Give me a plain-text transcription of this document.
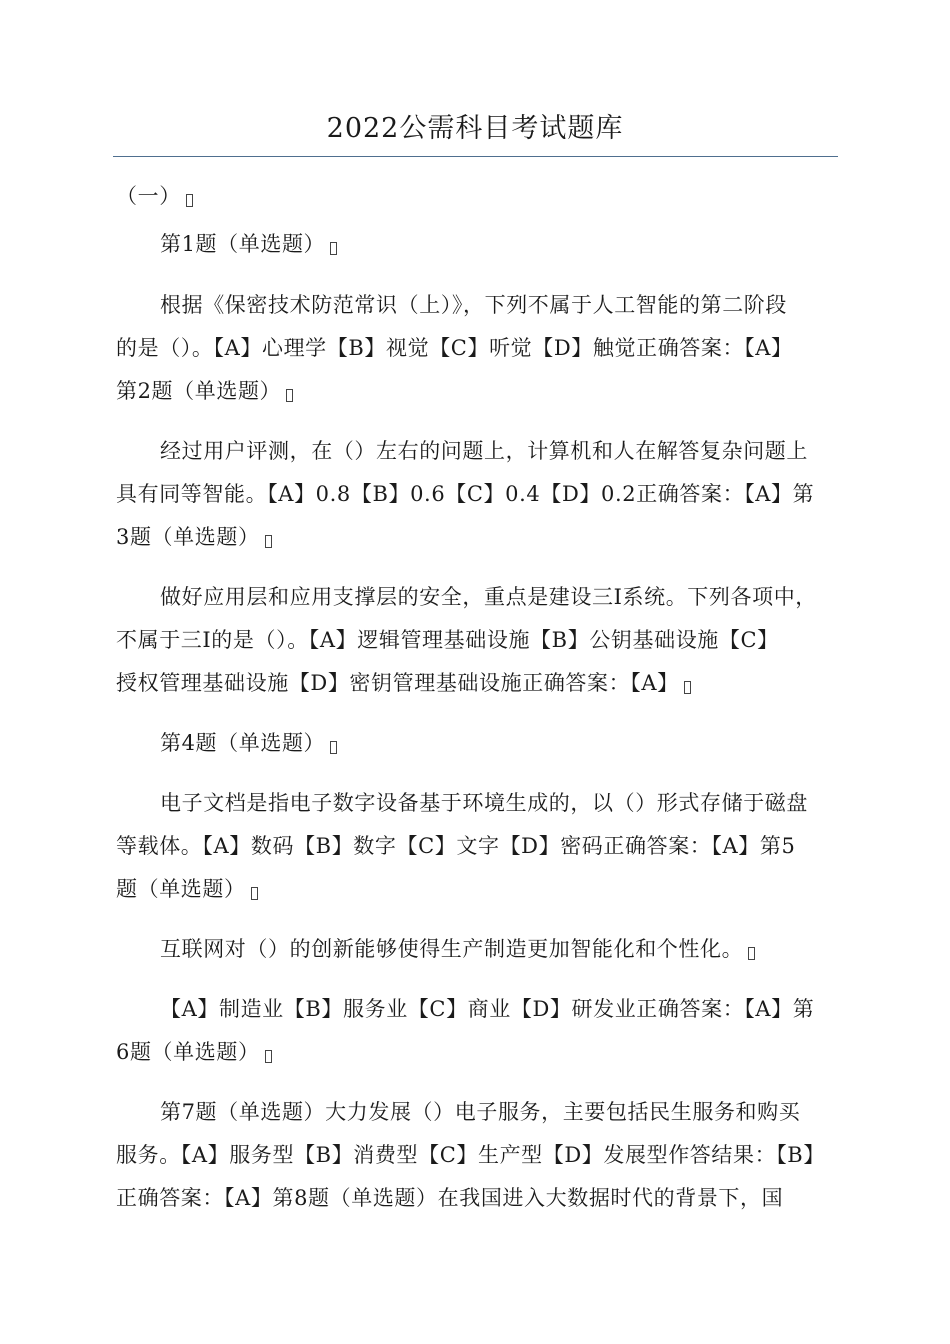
2022公需科目考试题库
（一）
第1题（单选题）
根据《保密技术防范常识（上）》，下列不属于人工智能的第二阶段
的是（）。【A】心理学【B】视觉【C】听觉【D】触觉正确答案：【A】
第2题（单选题）
经过用户评测，在（）左右的问题上，计算机和人在解答复杂问题上
具有同等智能。【A】0.8【B】0.6【C】0.4【D】0.2正确答案：【A】第
3题（单选题）
做好应用层和应用支撑层的安全，重点是建设三I系统。下列各项中，
不属于三I的是（）。【A】逻辑管理基础设施【B】公钥基础设施【C】
授权管理基础设施【D】密钥管理基础设施正确答案：【A】
第4题（单选题）
电子文档是指电子数字设备基于环境生成的，以（）形式存储于磁盘
等载体。【A】数码【B】数字【C】文字【D】密码正确答案：【A】第5
题（单选题）
互联网对（）的创新能够使得生产制造更加智能化和个性化。
【A】制造业【B】服务业【C】商业【D】研发业正确答案：【A】第
6题（单选题）
第7题（单选题）大力发展（）电子服务，主要包括民生服务和购买
服务。【A】服务型【B】消费型【C】生产型【D】发展型作答结果：【B】
正确答案：【A】第8题（单选题）在我国进入大数据时代的背景下，国
